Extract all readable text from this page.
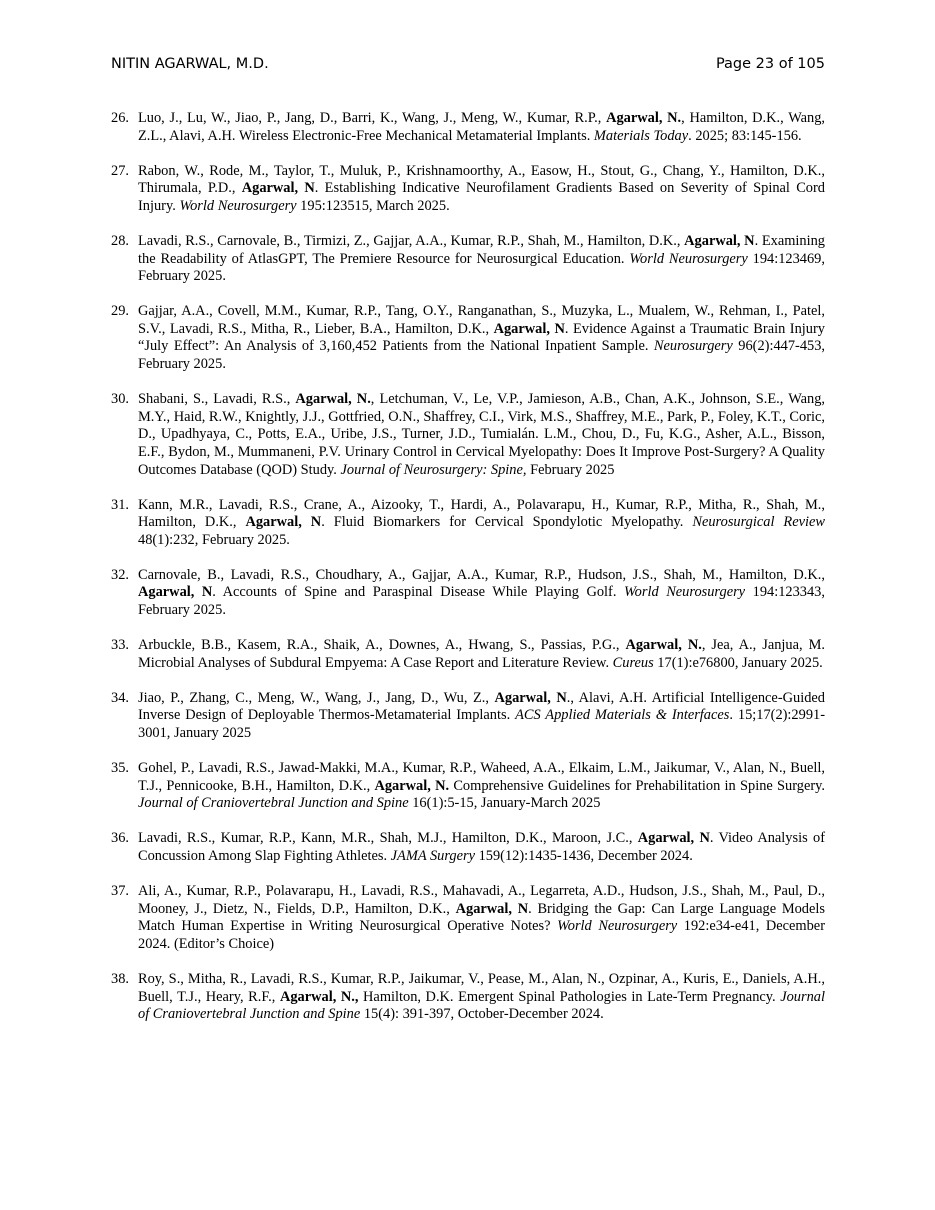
NITIN AGARWAL, M.D.	Page 23 of 105
26. Luo, J., Lu, W., Jiao, P., Jang, D., Barri, K., Wang, J., Meng, W., Kumar, R.P., Agarwal, N., Hamilton, D.K., Wang, Z.L., Alavi, A.H. Wireless Electronic-Free Mechanical Metamaterial Implants. Materials Today. 2025; 83:145-156.
27. Rabon, W., Rode, M., Taylor, T., Muluk, P., Krishnamoorthy, A., Easow, H., Stout, G., Chang, Y., Hamilton, D.K., Thirumala, P.D., Agarwal, N. Establishing Indicative Neurofilament Gradients Based on Severity of Spinal Cord Injury. World Neurosurgery 195:123515, March 2025.
28. Lavadi, R.S., Carnovale, B., Tirmizi, Z., Gajjar, A.A., Kumar, R.P., Shah, M., Hamilton, D.K., Agarwal, N. Examining the Readability of AtlasGPT, The Premiere Resource for Neurosurgical Education. World Neurosurgery 194:123469, February 2025.
29. Gajjar, A.A., Covell, M.M., Kumar, R.P., Tang, O.Y., Ranganathan, S., Muzyka, L., Mualem, W., Rehman, I., Patel, S.V., Lavadi, R.S., Mitha, R., Lieber, B.A., Hamilton, D.K., Agarwal, N. Evidence Against a Traumatic Brain Injury “July Effect”: An Analysis of 3,160,452 Patients from the National Inpatient Sample. Neurosurgery 96(2):447-453, February 2025.
30. Shabani, S., Lavadi, R.S., Agarwal, N., Letchuman, V., Le, V.P., Jamieson, A.B., Chan, A.K., Johnson, S.E., Wang, M.Y., Haid, R.W., Knightly, J.J., Gottfried, O.N., Shaffrey, C.I., Virk, M.S., Shaffrey, M.E., Park, P., Foley, K.T., Coric, D., Upadhyaya, C., Potts, E.A., Uribe, J.S., Turner, J.D., Tumialán. L.M., Chou, D., Fu, K.G., Asher, A.L., Bisson, E.F., Bydon, M., Mummaneni, P.V. Urinary Control in Cervical Myelopathy: Does It Improve Post-Surgery? A Quality Outcomes Database (QOD) Study. Journal of Neurosurgery: Spine, February 2025
31. Kann, M.R., Lavadi, R.S., Crane, A., Aizooky, T., Hardi, A., Polavarapu, H., Kumar, R.P., Mitha, R., Shah, M., Hamilton, D.K., Agarwal, N. Fluid Biomarkers for Cervical Spondylotic Myelopathy. Neurosurgical Review 48(1):232, February 2025.
32. Carnovale, B., Lavadi, R.S., Choudhary, A., Gajjar, A.A., Kumar, R.P., Hudson, J.S., Shah, M., Hamilton, D.K., Agarwal, N. Accounts of Spine and Paraspinal Disease While Playing Golf. World Neurosurgery 194:123343, February 2025.
33. Arbuckle, B.B., Kasem, R.A., Shaik, A., Downes, A., Hwang, S., Passias, P.G., Agarwal, N., Jea, A., Janjua, M. Microbial Analyses of Subdural Empyema: A Case Report and Literature Review. Cureus 17(1):e76800, January 2025.
34. Jiao, P., Zhang, C., Meng, W., Wang, J., Jang, D., Wu, Z., Agarwal, N., Alavi, A.H. Artificial Intelligence-Guided Inverse Design of Deployable Thermos-Metamaterial Implants. ACS Applied Materials & Interfaces. 15;17(2):2991-3001, January 2025
35. Gohel, P., Lavadi, R.S., Jawad-Makki, M.A., Kumar, R.P., Waheed, A.A., Elkaim, L.M., Jaikumar, V., Alan, N., Buell, T.J., Pennicooke, B.H., Hamilton, D.K., Agarwal, N. Comprehensive Guidelines for Prehabilitation in Spine Surgery. Journal of Craniovertebral Junction and Spine 16(1):5-15, January-March 2025
36. Lavadi, R.S., Kumar, R.P., Kann, M.R., Shah, M.J., Hamilton, D.K., Maroon, J.C., Agarwal, N. Video Analysis of Concussion Among Slap Fighting Athletes. JAMA Surgery 159(12):1435-1436, December 2024.
37. Ali, A., Kumar, R.P., Polavarapu, H., Lavadi, R.S., Mahavadi, A., Legarreta, A.D., Hudson, J.S., Shah, M., Paul, D., Mooney, J., Dietz, N., Fields, D.P., Hamilton, D.K., Agarwal, N. Bridging the Gap: Can Large Language Models Match Human Expertise in Writing Neurosurgical Operative Notes? World Neurosurgery 192:e34-e41, December 2024. (Editor’s Choice)
38. Roy, S., Mitha, R., Lavadi, R.S., Kumar, R.P., Jaikumar, V., Pease, M., Alan, N., Ozpinar, A., Kuris, E., Daniels, A.H., Buell, T.J., Heary, R.F., Agarwal, N., Hamilton, D.K. Emergent Spinal Pathologies in Late-Term Pregnancy. Journal of Craniovertebral Junction and Spine 15(4): 391-397, October-December 2024.
